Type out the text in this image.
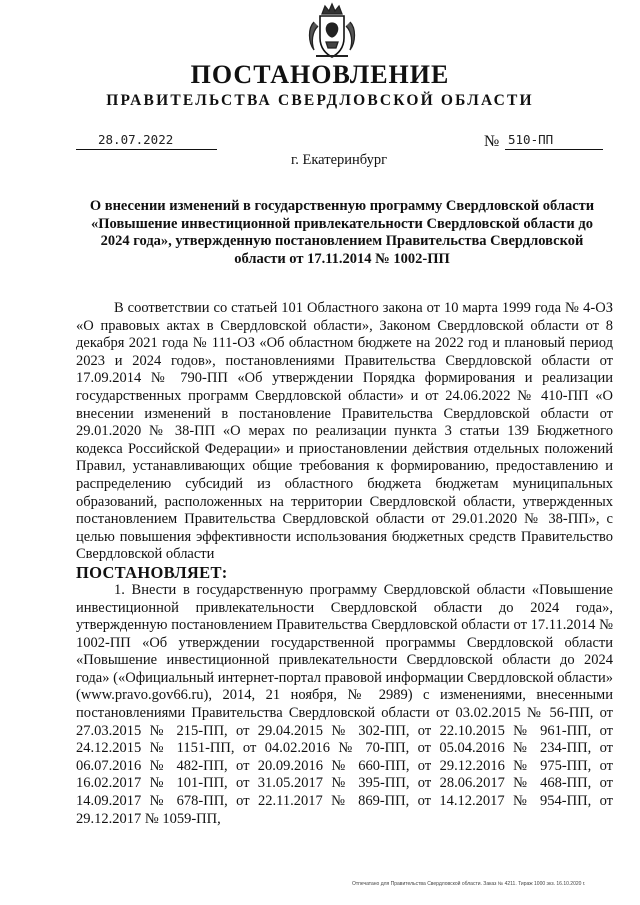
ПОСТАНОВЛЕНИЕ
ПРАВИТЕЛЬСТВА СВЕРДЛОВСКОЙ ОБЛАСТИ
28.07.2022	№ 510-ПП
г. Екатеринбург
О внесении изменений в государственную программу Свердловской области «Повышение инвестиционной привлекательности Свердловской области до 2024 года», утвержденную постановлением Правительства Свердловской области от 17.11.2014 № 1002-ПП

В соответствии со статьей 101 Областного закона от 10 марта 1999 года № 4-ОЗ «О правовых актах в Свердловской области», Законом Свердловской области от 8 декабря 2021 года № 111-ОЗ «Об областном бюджете на 2022 год и плановый период 2023 и 2024 годов», постановлениями Правительства Свердловской области от 17.09.2014 № 790-ПП «Об утверждении Порядка формирования и реализации государственных программ Свердловской области» и от 24.06.2022 № 410-ПП «О внесении изменений в постановление Правительства Свердловской области от 29.01.2020 № 38-ПП «О мерах по реализации пункта 3 статьи 139 Бюджетного кодекса Российской Федерации» и приостановлении действия отдельных положений Правил, устанавливающих общие требования к формированию, предоставлению и распределению субсидий из областного бюджета бюджетам муниципальных образований, расположенных на территории Свердловской области, утвержденных постановлением Правительства Свердловской области от 29.01.2020 № 38-ПП», с целью повышения эффективности использования бюджетных средств Правительство Свердловской области

ПОСТАНОВЛЯЕТ:

1. Внести в государственную программу Свердловской области «Повышение инвестиционной привлекательности Свердловской области до 2024 года», утвержденную постановлением Правительства Свердловской области от 17.11.2014 № 1002-ПП «Об утверждении государственной программы Свердловской области «Повышение инвестиционной привлекательности Свердловской области до 2024 года» («Официальный интернет-портал правовой информации Свердловской области» (www.pravo.gov66.ru), 2014, 21 ноября, № 2989) с изменениями, внесенными постановлениями Правительства Свердловской области от 03.02.2015 № 56-ПП, от 27.03.2015 № 215-ПП, от 29.04.2015 № 302-ПП, от 22.10.2015 № 961-ПП, от 24.12.2015 № 1151-ПП, от 04.02.2016 № 70-ПП, от 05.04.2016 № 234-ПП, от 06.07.2016 № 482-ПП, от 20.09.2016 № 660-ПП, от 29.12.2016 № 975-ПП, от 16.02.2017 № 101-ПП, от 31.05.2017 № 395-ПП, от 28.06.2017 № 468-ПП, от 14.09.2017 № 678-ПП, от 22.11.2017 № 869-ПП, от 14.12.2017 № 954-ПП, от 29.12.2017 № 1059-ПП,

Отпечатано для Правительства Свердловской области. Заказ № 4211. Тираж 1000 экз. 16.10.2020 г.
